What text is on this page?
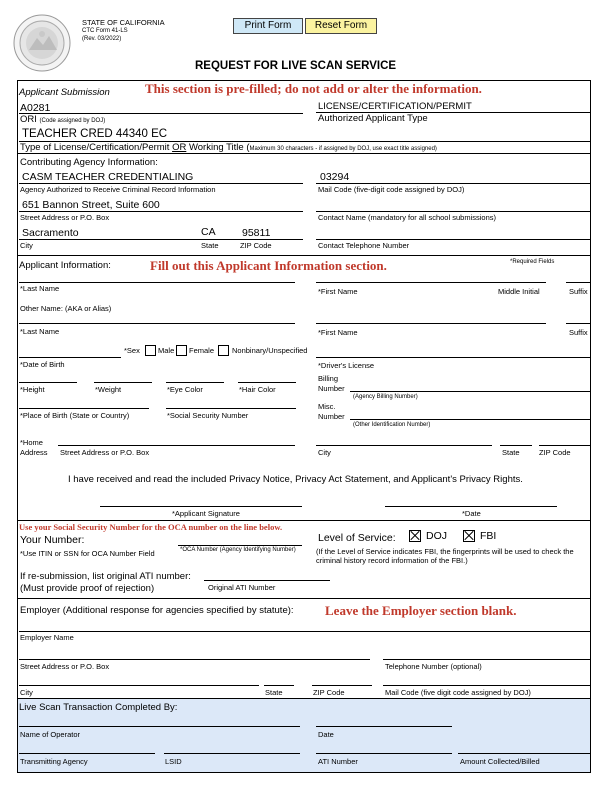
STATE OF CALIFORNIA
CTC Form 41-LS
(Rev. 03/2022)
Print Form	Reset Form
REQUEST FOR LIVE SCAN SERVICE
Applicant Submission	This section is pre-filled; do not add or alter the information.
A0281
ORI (Code assigned by DOJ)
LICENSE/CERTIFICATION/PERMIT
Authorized Applicant Type
TEACHER CRED 44340 EC
Type of License/Certification/Permit OR Working Title (Maximum 30 characters - if assigned by DOJ, use exact title assigned)
Contributing Agency Information:
CASM TEACHER CREDENTIALING
Agency Authorized to Receive Criminal Record Information
03294
Mail Code (five-digit code assigned by DOJ)
651 Bannon Street, Suite 600
Street Address or P.O. Box	Contact Name (mandatory for all school submissions)
Sacramento	CA	95811
City	State	ZIP Code	Contact Telephone Number
Applicant Information:	Fill out this Applicant Information section.	*Required Fields
*Last Name	*First Name	Middle Initial	Suffix
Other Name: (AKA or Alias)
*Last Name	*First Name	Suffix
*Sex Male Female Nonbinary/Unspecified
*Date of Birth	*Driver's License
*Height	*Weight	*Eye Color	*Hair Color
Billing
Number
(Agency Billing Number)
*Place of Birth (State or Country)	*Social Security Number
Misc.
Number
(Other Identification Number)
*Home
Address Street Address or P.O. Box	City	State	ZIP Code
I have received and read the included Privacy Notice, Privacy Act Statement, and Applicant's Privacy Rights.
*Applicant Signature	*Date
Use your Social Security Number for the OCA number on the line below.
Your Number:
*Use ITIN or SSN for OCA Number Field	*OCA Number (Agency Identifying Number)
Level of Service:	DOJ	FBI
(If the Level of Service indicates FBI, the fingerprints will be used to check the
criminal history record information of the FBI.)
If re-submission, list original ATI number:
(Must provide proof of rejection)	Original ATI Number
Employer (Additional response for agencies specified by statute): Leave the Employer section blank.
Employer Name
Street Address or P.O. Box	Telephone Number (optional)
City	State	ZIP Code	Mail Code (five digit code assigned by DOJ)
Live Scan Transaction Completed By:
Name of Operator	Date
Transmitting Agency	LSID	ATI Number	Amount Collected/Billed
